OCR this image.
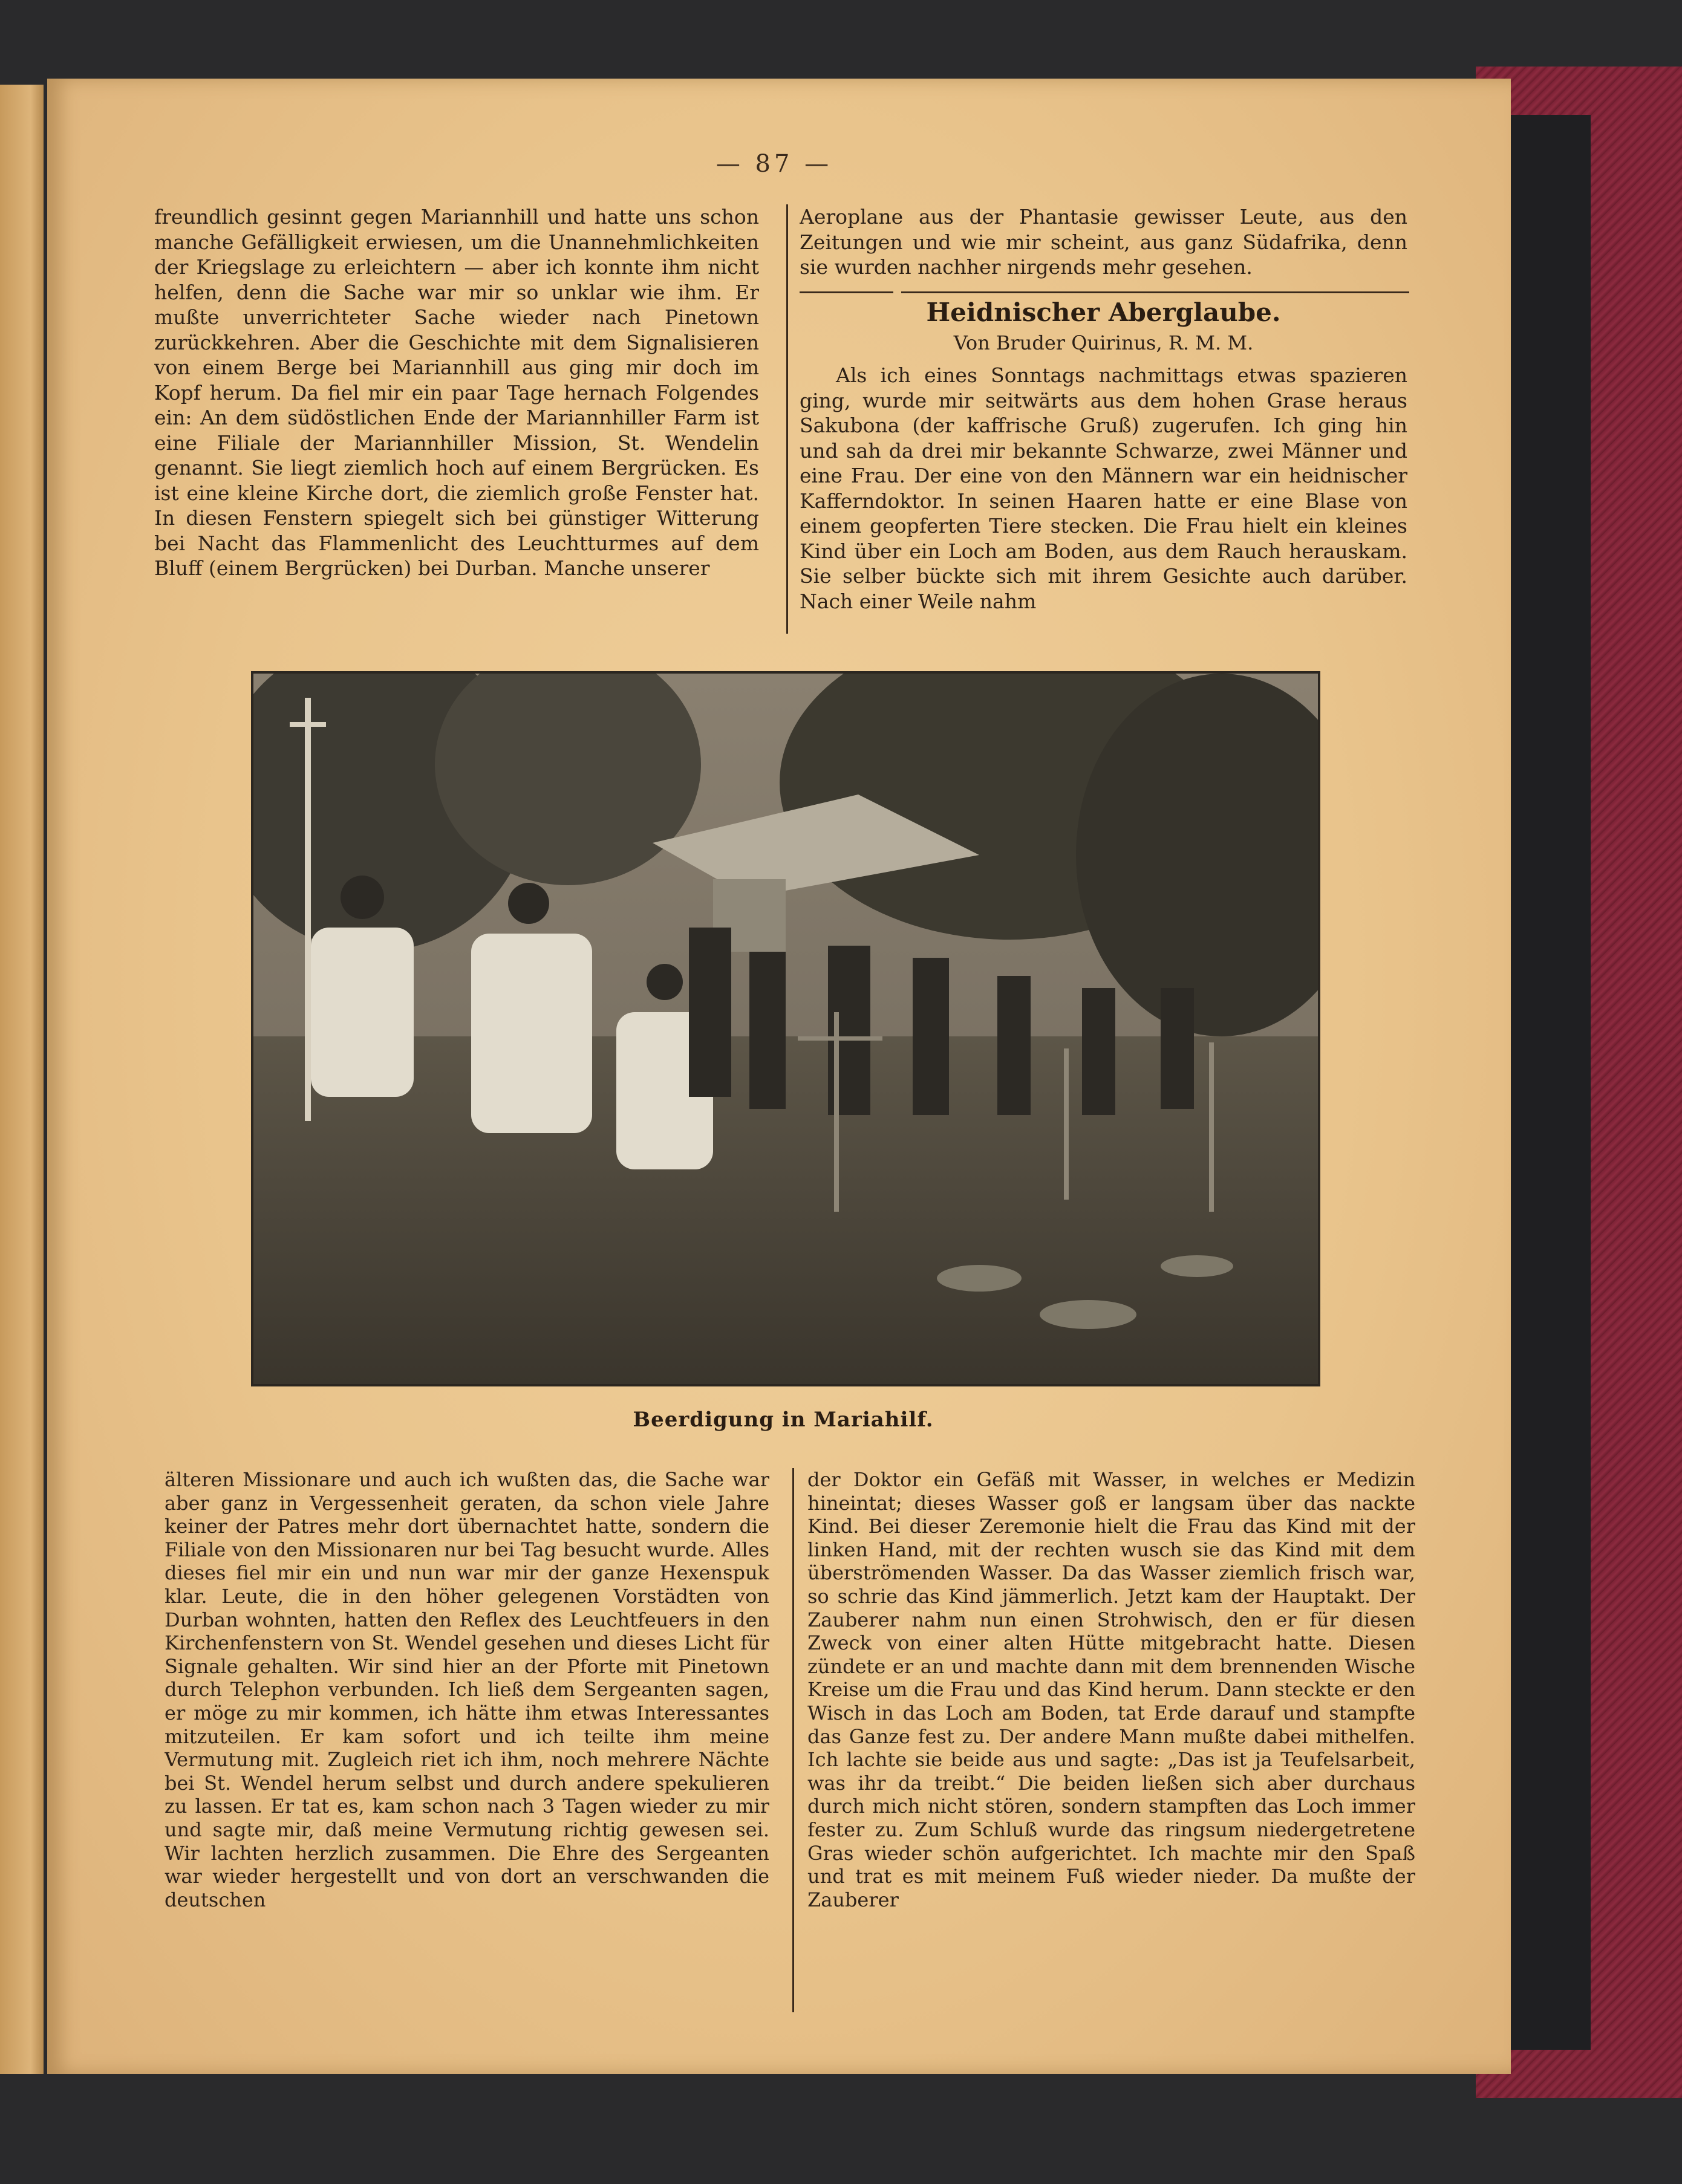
— 87 —

freundlich gesinnt gegen Mariannhill und hatte uns schon manche Gefälligkeit erwiesen, um die Unannehmlichkeiten der Kriegslage zu erleichtern — aber ich konnte ihm nicht helfen, denn die Sache war mir so unklar wie ihm. Er mußte unverrichteter Sache wieder nach Pinetown zurückkehren. Aber die Geschichte mit dem Signalisieren von einem Berge bei Mariannhill aus ging mir doch im Kopf herum. Da fiel mir ein paar Tage hernach Folgendes ein: An dem südöstlichen Ende der Mariannhiller Farm ist eine Filiale der Mariannhiller Mission, St. Wendelin genannt. Sie liegt ziemlich hoch auf einem Bergrücken. Es ist eine kleine Kirche dort, die ziemlich große Fenster hat. In diesen Fenstern spiegelt sich bei günstiger Witterung bei Nacht das Flammenlicht des Leuchtturmes auf dem Bluff (einem Bergrücken) bei Durban. Manche unserer

Aeroplane aus der Phantasie gewisser Leute, aus den Zeitungen und wie mir scheint, aus ganz Südafrika, denn sie wurden nachher nirgends mehr gesehen.

Heidnischer Aberglaube.
Von Bruder Quirinus, R. M. M.

Als ich eines Sonntags nachmittags etwas spazieren ging, wurde mir seitwärts aus dem hohen Grase heraus Sakubona (der kaffrische Gruß) zugerufen. Ich ging hin und sah da drei mir bekannte Schwarze, zwei Männer und eine Frau. Der eine von den Männern war ein heidnischer Kafferndoktor. In seinen Haaren hatte er eine Blase von einem geopferten Tiere stecken. Die Frau hielt ein kleines Kind über ein Loch am Boden, aus dem Rauch herauskam. Sie selber bückte sich mit ihrem Gesichte auch darüber. Nach einer Weile nahm

Beerdigung in Mariahilf.

älteren Missionare und auch ich wußten das, die Sache war aber ganz in Vergessenheit geraten, da schon viele Jahre keiner der Patres mehr dort übernachtet hatte, sondern die Filiale von den Missionaren nur bei Tag besucht wurde. Alles dieses fiel mir ein und nun war mir der ganze Hexenspuk klar. Leute, die in den höher gelegenen Vorstädten von Durban wohnten, hatten den Reflex des Leuchtfeuers in den Kirchenfenstern von St. Wendel gesehen und dieses Licht für Signale gehalten. Wir sind hier an der Pforte mit Pinetown durch Telephon verbunden. Ich ließ dem Sergeanten sagen, er möge zu mir kommen, ich hätte ihm etwas Interessantes mitzuteilen. Er kam sofort und ich teilte ihm meine Vermutung mit. Zugleich riet ich ihm, noch mehrere Nächte bei St. Wendel herum selbst und durch andere spekulieren zu lassen. Er tat es, kam schon nach 3 Tagen wieder zu mir und sagte mir, daß meine Vermutung richtig gewesen sei. Wir lachten herzlich zusammen. Die Ehre des Sergeanten war wieder hergestellt und von dort an verschwanden die deutschen

der Doktor ein Gefäß mit Wasser, in welches er Medizin hineintat; dieses Wasser goß er langsam über das nackte Kind. Bei dieser Zeremonie hielt die Frau das Kind mit der linken Hand, mit der rechten wusch sie das Kind mit dem überströmenden Wasser. Da das Wasser ziemlich frisch war, so schrie das Kind jämmerlich. Jetzt kam der Hauptakt. Der Zauberer nahm nun einen Strohwisch, den er für diesen Zweck von einer alten Hütte mitgebracht hatte. Diesen zündete er an und machte dann mit dem brennenden Wische Kreise um die Frau und das Kind herum. Dann steckte er den Wisch in das Loch am Boden, tat Erde darauf und stampfte das Ganze fest zu. Der andere Mann mußte dabei mithelfen. Ich lachte sie beide aus und sagte: „Das ist ja Teufelsarbeit, was ihr da treibt.“ Die beiden ließen sich aber durchaus durch mich nicht stören, sondern stampften das Loch immer fester zu. Zum Schluß wurde das ringsum niedergetretene Gras wieder schön aufgerichtet. Ich machte mir den Spaß und trat es mit meinem Fuß wieder nieder. Da mußte der Zauberer
